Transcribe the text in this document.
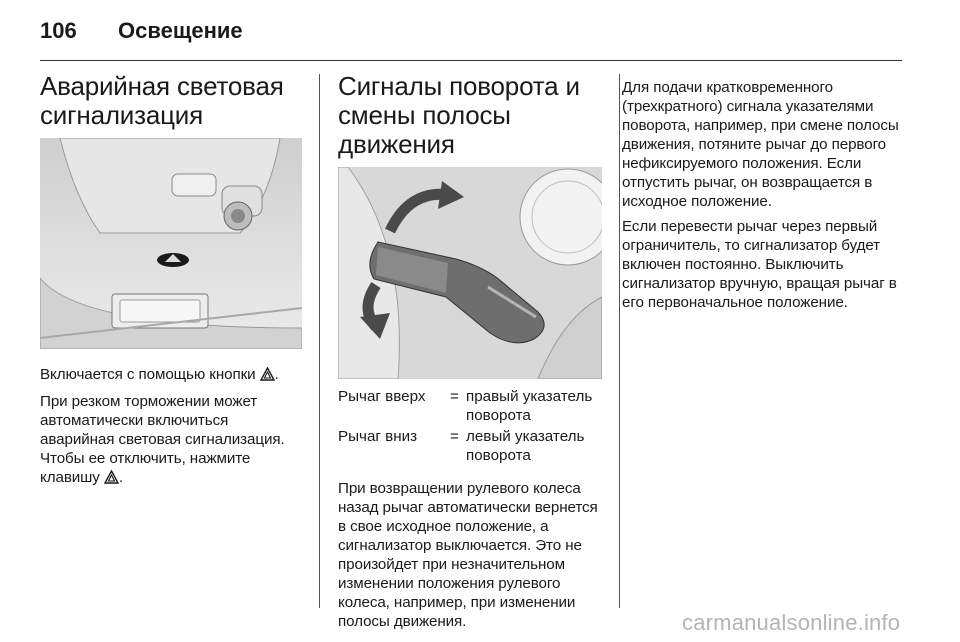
106 Освещение
Аварийная световая сигнализация

Включается с помощью кнопки .

При резком торможении может автоматически включиться аварийная световая сигнализация. Чтобы ее отключить, нажмите клавишу .

Сигналы поворота и смены полосы движения
Рычаг вверх	=	правый указатель поворота
Рычаг вниз	=	левый указатель поворота

При возвращении рулевого колеса назад рычаг автоматически вернется в свое исходное положение, а сигнализатор выключается. Это не произойдет при незначительном изменении положения рулевого колеса, например, при изменении полосы движения.

Для подачи кратковременного (трехкратного) сигнала указателями поворота, например, при смене полосы движения, потяните рычаг до первого нефиксируемого положения. Если отпустить рычаг, он возвращается в исходное положение.

Если перевести рычаг через первый ограничитель, то сигнализатор будет включен постоянно. Выключить сигнализатор вручную, вращая рычаг в его первоначальное положение.

carmanualsonline.info
